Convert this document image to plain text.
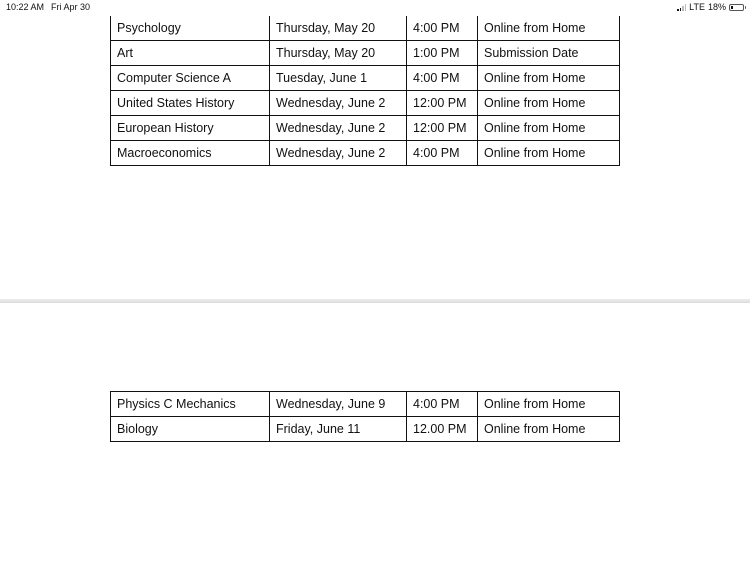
10:22 AM Fri Apr 30	LTE 18%
Psychology	Thursday, May 20	4:00 PM	Online from Home
Art	Thursday, May 20	1:00 PM	Submission Date
Computer Science A	Tuesday, June 1	4:00 PM	Online from Home
United States History	Wednesday, June 2	12:00 PM	Online from Home
European History	Wednesday, June 2	12:00 PM	Online from Home
Macroeconomics	Wednesday, June 2	4:00 PM	Online from Home
Physics C Mechanics	Wednesday, June 9	4:00 PM	Online from Home
Biology	Friday, June 11	12.00 PM	Online from Home
